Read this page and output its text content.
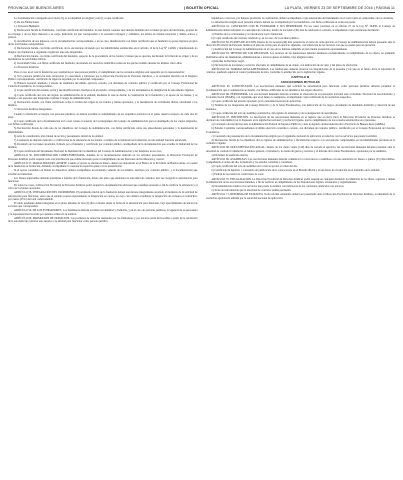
PROVINCIA DE BUENOS AIRES	| BOLETÍN OFICIAL	LA PLATA, VIERNES 23 DE SEPTIEMBRE DE 2016 | PÁGINA 11
La documentación consignada en el inciso 6), se acompañará en original y una (1) copia certificada.
2) De las Fundaciones:
1.1 Personas Humanas:
a) Declaración Jurada de Patrimonio, con firma certificada del fundador, la cual deberá contener una síntesis detallada de los bienes propios del declarante, propios de su cónyuge y de los hijos menores a su cargo, indicando los que corresponden a la sociedad conyugal, y asimismo, los saldos en cuentas bancarias y demás activos y pasivos.
b) Acreditación de sus ingresos, con la documentación correspondiente, o en su caso, manifestación con firma certificada que el fundador no posee ingresos propios de las actividades comprendidas.
c) Declaración Jurada, con firma certificada, de no encontrarse alcanzado por las inhabilidades establecidas en el artículo 12 de la Ley N° 14.828, y manifestando no integrar otra fundación u organismo registrado ante este Organismo.
d) Declaración Jurada, con firma certificada del fundador, respecto de la procedencia de los fondos y bienes que se aportan, declarando la licitud de su origen y de su inexistencia de actividades ilícitas.
e) Currículum Vitae, con firma certificada del fundador, declarando los sucesivos domicilios reales en los que ha residido durante los últimos cinco años.
2.2 Personas Jurídicas:
Para el caso en el cual la fundación sea constituida por una persona jurídica, el cumplimiento de los recaudos exigidos será requerido por la representación:
a) Si la persona jurídica ha sido reconocida y/o autorizada a funcionar por la Dirección Provincial de Personas Jurídicas, o se encuentra inscripta en el Registro Público correspondiente, certificado de vigencia expedido por la autoridad competente.
b) Balance General, memoria y estado de resultados del último ejercicio cerrado, con dictamen de contador público y certificado por el Consejo Profesional de Ciencias Económicas, si correspondiere.
c) Copia certificada del estatuto social y sus modificaciones, inscriptos en el registro correspondiente, y de los instrumentos de designación de autoridades vigentes.
d) Copia certificada del acta del órgano de administración de la entidad, mediante la cual se decide la constitución de la fundación y el aporte de los bienes, y se designa a las personas que integrarán el primer Consejo de Administración.
e) Declaración Jurada, con firma certificada, sobre la licitud del origen de los fondos y bienes aportados, y la inexistencia de actividades ilícitas vinculadas a los mismos.
3.3 Personas Jurídicas Integrantes:
Cuando la fundación se integre con personas jurídicas, se deberá acreditar el cumplimiento de los requisitos previstos en el punto anterior respecto de cada una de ellas.
4) Copia certificada de la documentación en la cual conste el acuerdo de los integrantes del Consejo de Administración para el desempeño de los cargos asignados, con firmas certificadas.
5) Declaración Jurada de cada uno de los miembros del Consejo de Administración, con firma certificada, sobre sus antecedentes personales y la inexistencia de inhabilidades.
6) Acta de constitución, plan trienal de acción y presupuesto inicial de la entidad.
7) Constancia de depósito bancario o certificación de la existencia de los fondos, a nombre de la fundación en formación, en una entidad bancaria autorizada.
8) Inventario de los bienes aportados, firmado por el fundador y certificado por contador público, acompañado de la documentación que acredite la titularidad de los mismos.
9) Copia certificada del Documento Nacional de Identidad de los miembros del Consejo de Administración y del fundador, en su caso.
ARTÍCULO 56. DOCUMENTACIÓN COMPLEMENTARIA. Además de la documentación indicada en los artículos precedentes, la Dirección Provincial de Personas Jurídicas podrá requerir toda otra información que estime necesaria para el cumplimiento de sus funciones de fiscalización y control.
ARTÍCULO 57. MODALIDAD DEL APORTE. Cuando el aporte se efectúe en dinero, deberá ser depositado en el Banco de la Provincia de Buenos Aires, a la orden de la fundación en formación, debiendo acompañarse la constancia respectiva junto con la presentación.
Si el aporte consistiera en bienes no dinerarios, deberá acompañarse un inventario valuado de los mismos, suscripto por contador público, y la documentación que acredite su titularidad.
Los bienes registrables deberán inscribirse a nombre de la fundación, dentro del plazo que establezca la autoridad de contralor, una vez otorgada la autorización para funcionar.
En todos los casos, la Dirección Provincial de Personas Jurídicas podrá requerir la documentación adicional que considere necesaria a fin de verificar la existencia y el valor de los bienes aportados.
ARTÍCULO 58. INTEGRACIÓN DEL PATRIMONIO. El patrimonio inicial de la fundación deberá encontrarse íntegramente aportado al momento de la solicitud de autorización para funcionar, salvo que el estatuto prevea expresamente su integración en cuotas, en cuyo caso deberá acreditarse la integración de al menos el veinticinco por ciento (25%) del total comprometido.
El saldo pendiente deberá integrarse en el plazo máximo de dos (2) años contados desde la fecha de la autorización para funcionar, bajo apercibimiento de iniciar las acciones que correspondan.
ARTÍCULO 59. DE LOS FUNDADORES. Los fundadores deberán acreditar su identidad y domicilio, y en el caso de personas jurídicas, la vigencia de su personería y la representación invocada por quienes actúen en su nombre.
ARTÍCULO 60. PROMOCIÓN DE DONACIÓN. Las promesas de donación realizadas por los fundadores y por terceros serán irrevocables a partir de la resolución de la autoridad de contralor que autorice a la entidad para funcionar como persona jurídica.
fundadores o terceros, por haberse producido la constitución, deberá acompañarse copia autenticada del instrumento en el cual conste el compromiso de los donantes.
La información exigida en el presente artículo deberá ser acompañada por los fundadores, con firma certificada en todas sus partes.
ARTÍCULO 61. CONTRATOS CON EL FUNDADOR Y SUS HEREDEROS. En los casos previstos en el artículo 27 de la Ley N° 19.836, el Consejo de Administración deberá informar a la autoridad de contralor, dentro de los treinta (30) días de celebrado el contrato, acompañando copia certificada del mismo.
a) Nombre de los contratantes y su vinculación con la fundación.
b) Copia certificada del contrato celebrado y, en su caso, de la escritura pública.
ARTÍCULO 62. PLANES DE ACCIÓN. Dentro de los noventa (90) días posteriores al cierre de cada ejercicio, el Consejo de Administración deberá presentar ante la Dirección Provincial de Personas Jurídicas el plan de acción para el ejercicio siguiente, con indicación de los recursos con que se cuenta para su ejecución.
c) Justificación del Consejo de Administración en el caso de no haberse cumplido el plan trienal presentado oportunamente.
ARTÍCULO 63. DESTINO DE LOS RECURSOS. Los recursos de las fundaciones deberán destinarse exclusivamente al cumplimiento de su objeto, no pudiendo distribuirse entre sus fundadores, administradores o terceros ajenos al mismo, bajo ninguna forma.
a) Informe de Revisión Legal.
b) Declaración de los bienes y servicios afectados al cumplimiento de su objeto, con indicación de su valor y del plazo de afectación.
ARTÍCULO 64. NORMAS REGLAMENTARIAS. Las fundaciones deberán observar las disposiciones de la presente y las que en el futuro dicte la autoridad de contralor, quedando sujetas al control permanente de ésta, conforme lo establecido por la legislación vigente.
CAPÍTULO III
ASOCIACIONES MUTUALES
ARTÍCULO 65. CONSTITUCIÓN. Las asociaciones mutuales que soliciten su autorización para funcionar como personas jurídicas deberán presentar la documentación que a continuación se detalla, con firmas certificadas de los miembros del órgano directivo.
ARTÍCULO 66. PERSONERÍA. Las asociaciones mutuales deberán acreditar la obtención de su personería nacional ante el Instituto Nacional de Asociativismo y Economía Social (INAES), o el organismo que en el futuro lo reemplace, acompañando copia certificada de la resolución respectiva.
a) Copia certificada del estatuto aprobado por la autoridad nacional de aplicación.
b) Nómina de los integrantes del Consejo Directivo y de la Junta Fiscalizadora, con indicación de los cargos, documento de identidad, domicilio y duración de sus mandatos.
c) Copia certificada del acta de asamblea constitutiva, del registro de asistencia y de la designación de autoridades.
ARTÍCULO 67. INSCRIPCIÓN. La inscripción de las asociaciones mutuales en el registro que al efecto lleva la Dirección Provincial de Personas Jurídicas se efectuará de conformidad con lo dispuesto en la legislación nacional y provincial vigente, previo cumplimiento de los recaudos establecidos en el presente.
a) Constancia de inscripción ante la Administración Federal de Ingresos Públicos y ante la Agencia de Recaudación de la Provincia de Buenos Aires (ARBA).
b) Estados Contables correspondientes al último ejercicio económico cerrado, con dictamen de contador público, certificado por el Consejo Profesional de Ciencias Económicas.
c) Constancia de presentación de la documentación exigida por el organismo nacional de aplicación en relación con los servicios que preste la entidad.
d) Declaración Jurada de los miembros de los órganos de administración y fiscalización respecto a no encontrarse comprendidos en las inhabilidades previstas en la normativa vigente.
ARTÍCULO 68. DOCUMENTACIÓN ANUAL. Dentro de los ciento veinte (120) días de cerrado el ejercicio, las asociaciones mutuales deberán presentar ante la autoridad de contralor la memoria, el balance general, el inventario, la cuenta de gastos y recursos y el informe de la Junta Fiscalizadora, aprobados por la asamblea.
a) Dictamen de auditoría externa.
ARTÍCULO 69. ASAMBLEAS. Las asociaciones mutuales deberán comunicar la convocatoria a asambleas con una antelación no menor a quince (15) días hábiles, acompañando el orden del día, la memoria y los estados contables a considerar.
a) Copia certificada del acta de asamblea en la cual se aprobó el orden del día.
b) Certificado de depósito o constancia de publicación de la convocatoria en el Boletín Oficial y en un diario de circulación en el domicilio de la entidad.
c) Padrón de asociados en condiciones de votar.
ARTÍCULO 70. FISCALIZACIÓN. La Dirección Provincial de Personas Jurídicas podrá requerir en cualquier momento la exhibición de los libros, registros y demás documentación de las asociaciones mutuales, a fin de verificar el cumplimiento de las disposiciones legales, estatutarias y reglamentarias.
d) Documentación relativa a los servicios que preste la entidad, con indicación de los convenios celebrados con terceros.
e) Toda otra información que la autoridad de contralor estime pertinente.
ARTÍCULO 71. REFORMA DE ESTATUTO. Toda reforma estatutaria deberá ser presentada ante la Dirección Provincial de Personas Jurídicas, acompañada de la resolución aprobatoria emitida por la autoridad nacional de aplicación.
